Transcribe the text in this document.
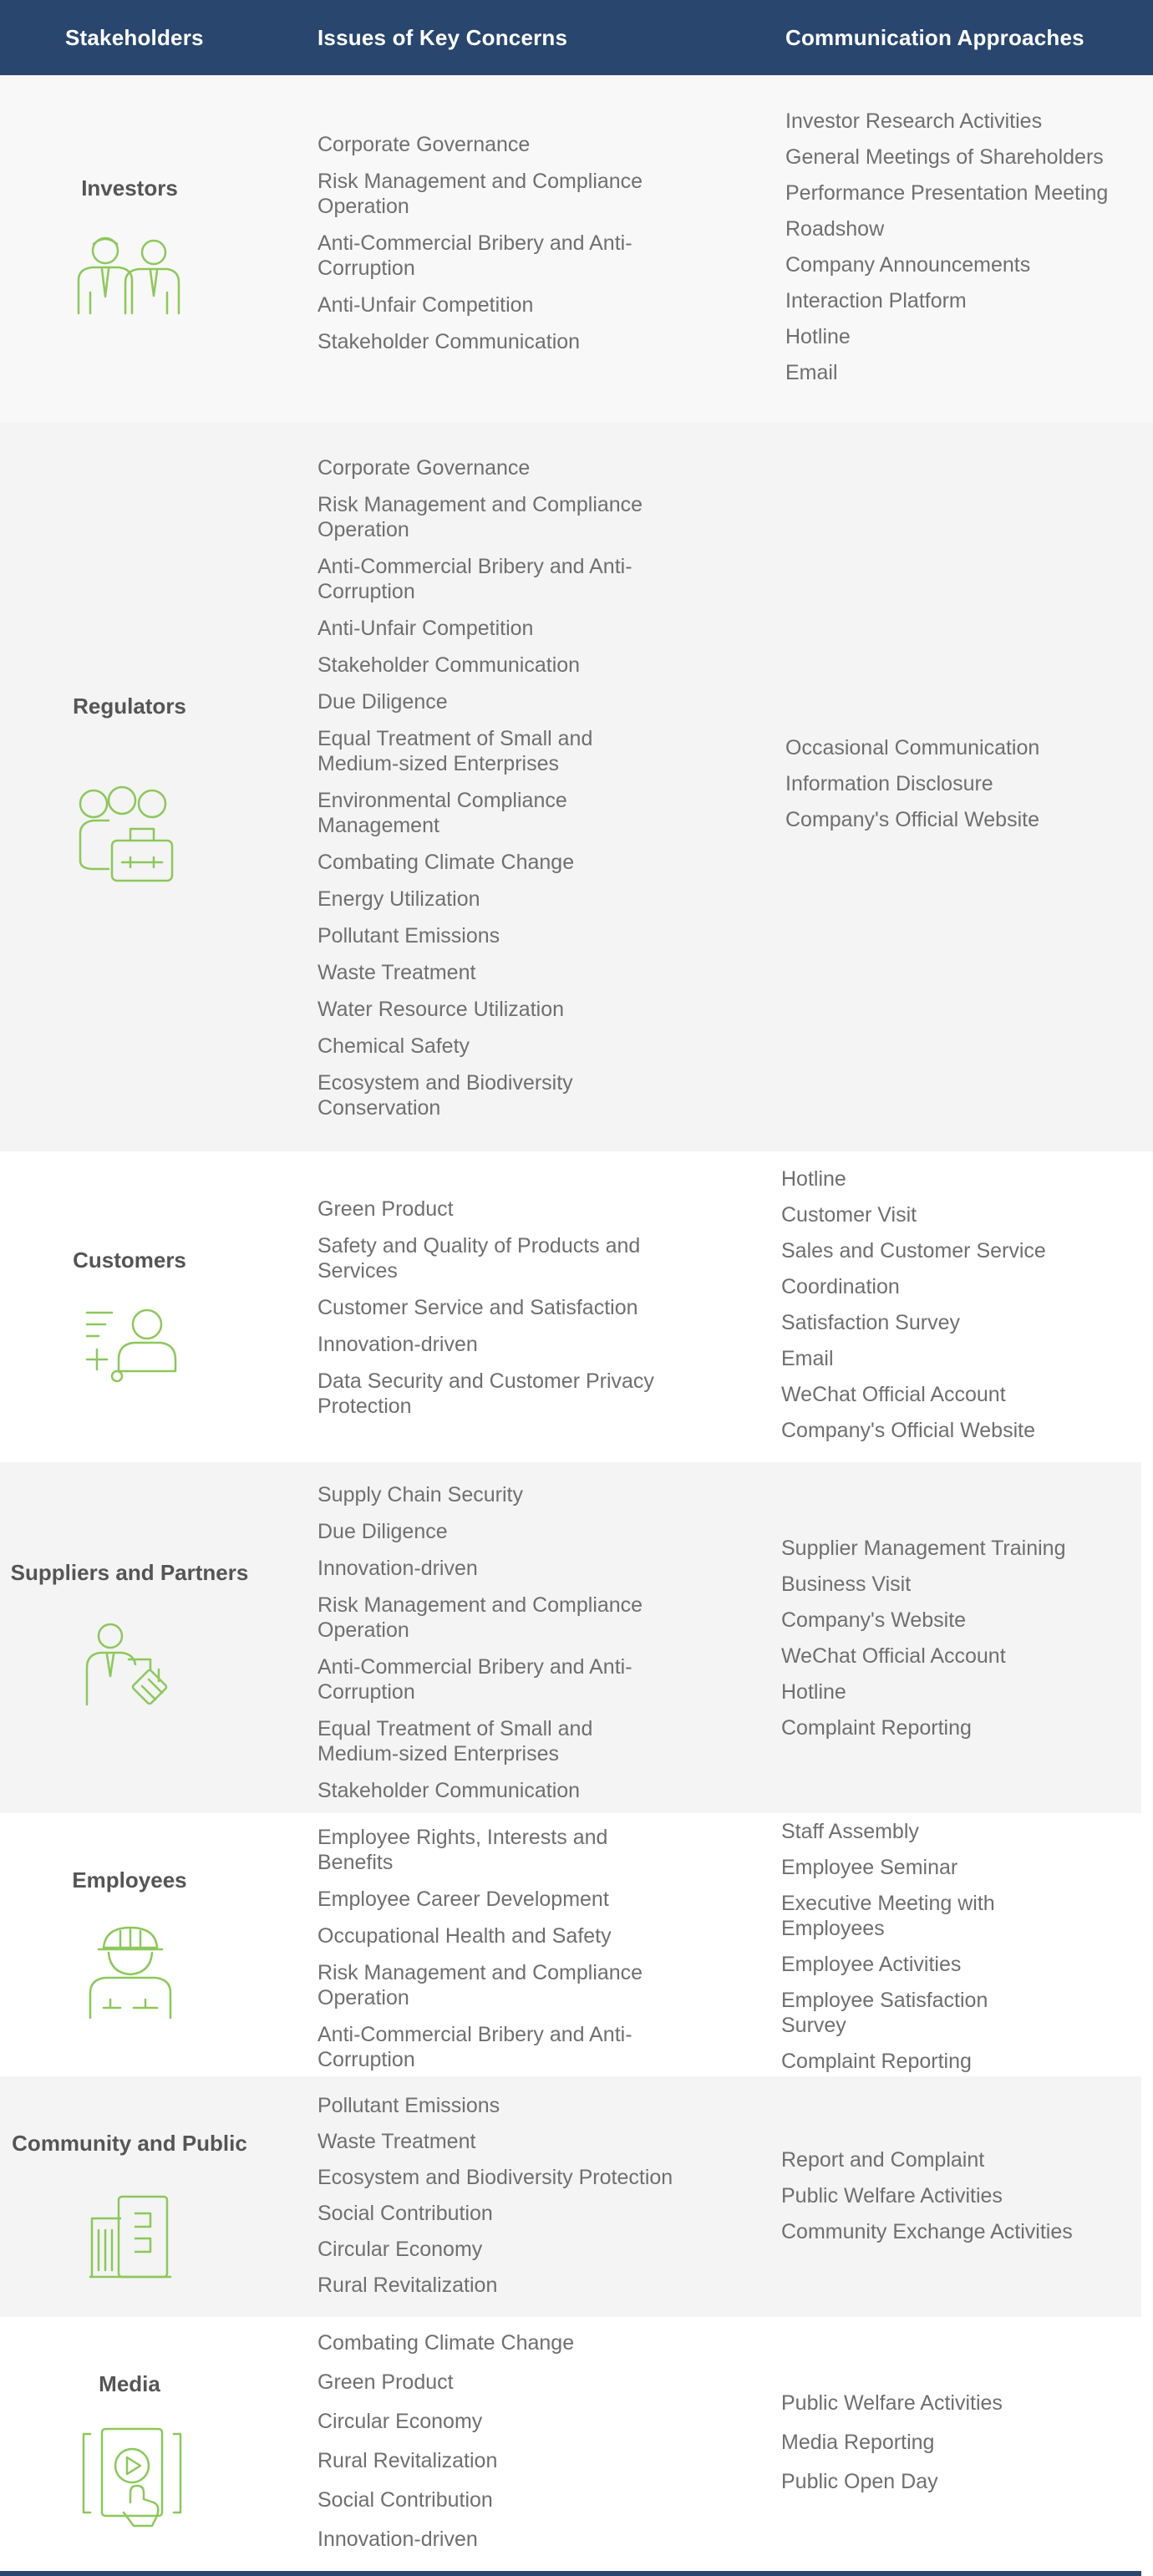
Stakeholders	Issues of Key Concerns	Communication Approaches
Investors
Corporate Governance
Risk Management and Compliance Operation
Anti-Commercial Bribery and Anti-Corruption
Anti-Unfair Competition
Stakeholder Communication
Investor Research Activities
General Meetings of Shareholders
Performance Presentation Meeting
Roadshow
Company Announcements
Interaction Platform
Hotline
Email
Regulators
Corporate Governance
Risk Management and Compliance Operation
Anti-Commercial Bribery and Anti-Corruption
Anti-Unfair Competition
Stakeholder Communication
Due Diligence
Equal Treatment of Small and Medium-sized Enterprises
Environmental Compliance Management
Combating Climate Change
Energy Utilization
Pollutant Emissions
Waste Treatment
Water Resource Utilization
Chemical Safety
Ecosystem and Biodiversity Conservation
Occasional Communication
Information Disclosure
Company's Official Website
Customers
Green Product
Safety and Quality of Products and Services
Customer Service and Satisfaction
Innovation-driven
Data Security and Customer Privacy Protection
Hotline
Customer Visit
Sales and Customer Service
Coordination
Satisfaction Survey
Email
WeChat Official Account
Company's Official Website
Suppliers and Partners
Supply Chain Security
Due Diligence
Innovation-driven
Risk Management and Compliance Operation
Anti-Commercial Bribery and Anti-Corruption
Equal Treatment of Small and Medium-sized Enterprises
Stakeholder Communication
Supplier Management Training
Business Visit
Company's Website
WeChat Official Account
Hotline
Complaint Reporting
Employees
Employee Rights, Interests and Benefits
Employee Career Development
Occupational Health and Safety
Risk Management and Compliance Operation
Anti-Commercial Bribery and Anti-Corruption
Staff Assembly
Employee Seminar
Executive Meeting with Employees
Employee Activities
Employee Satisfaction Survey
Complaint Reporting
Community and Public
Pollutant Emissions
Waste Treatment
Ecosystem and Biodiversity Protection
Social Contribution
Circular Economy
Rural Revitalization
Report and Complaint
Public Welfare Activities
Community Exchange Activities
Media
Combating Climate Change
Green Product
Circular Economy
Rural Revitalization
Social Contribution
Innovation-driven
Public Welfare Activities
Media Reporting
Public Open Day
